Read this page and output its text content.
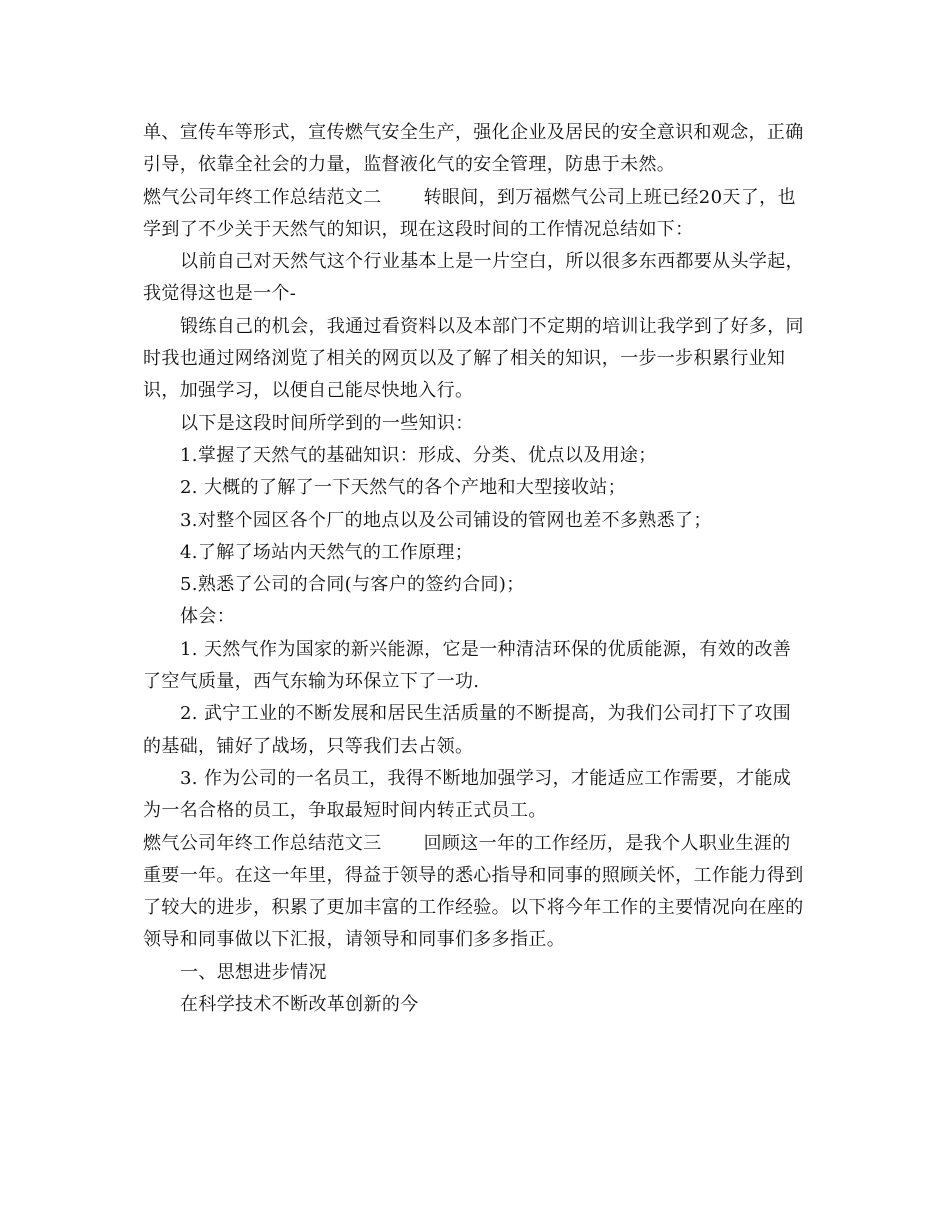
单、宣传车等形式，宣传燃气安全生产，强化企业及居民的安全意识和观念，正确引导，依靠全社会的力量，监督液化气的安全管理，防患于未然。

燃气公司年终工作总结范文二 转眼间，到万福燃气公司上班已经20天了，也学到了不少关于天然气的知识，现在这段时间的工作情况总结如下：

以前自己对天然气这个行业基本上是一片空白，所以很多东西都要从头学起，我觉得这也是一个-

锻练自己的机会，我通过看资料以及本部门不定期的培训让我学到了好多，同时我也通过网络浏览了相关的网页以及了解了相关的知识，一步一步积累行业知识，加强学习，以便自己能尽快地入行。

以下是这段时间所学到的一些知识：

1.掌握了天然气的基础知识：形成、分类、优点以及用途；

2. 大概的了解了一下天然气的各个产地和大型接收站；

3.对整个园区各个厂的地点以及公司铺设的管网也差不多熟悉了；

4.了解了场站内天然气的工作原理；

5.熟悉了公司的合同(与客户的签约合同)；

体会：

1. 天然气作为国家的新兴能源，它是一种清洁环保的优质能源，有效的改善了空气质量，西气东输为环保立下了一功.

2. 武宁工业的不断发展和居民生活质量的不断提高，为我们公司打下了攻围的基础，铺好了战场，只等我们去占领。

3. 作为公司的一名员工，我得不断地加强学习，才能适应工作需要，才能成为一名合格的员工，争取最短时间内转正式员工。

燃气公司年终工作总结范文三 回顾这一年的工作经历，是我个人职业生涯的重要一年。在这一年里，得益于领导的悉心指导和同事的照顾关怀，工作能力得到了较大的进步，积累了更加丰富的工作经验。以下将今年工作的主要情况向在座的领导和同事做以下汇报，请领导和同事们多多指正。

一、思想进步情况

在科学技术不断改革创新的今
